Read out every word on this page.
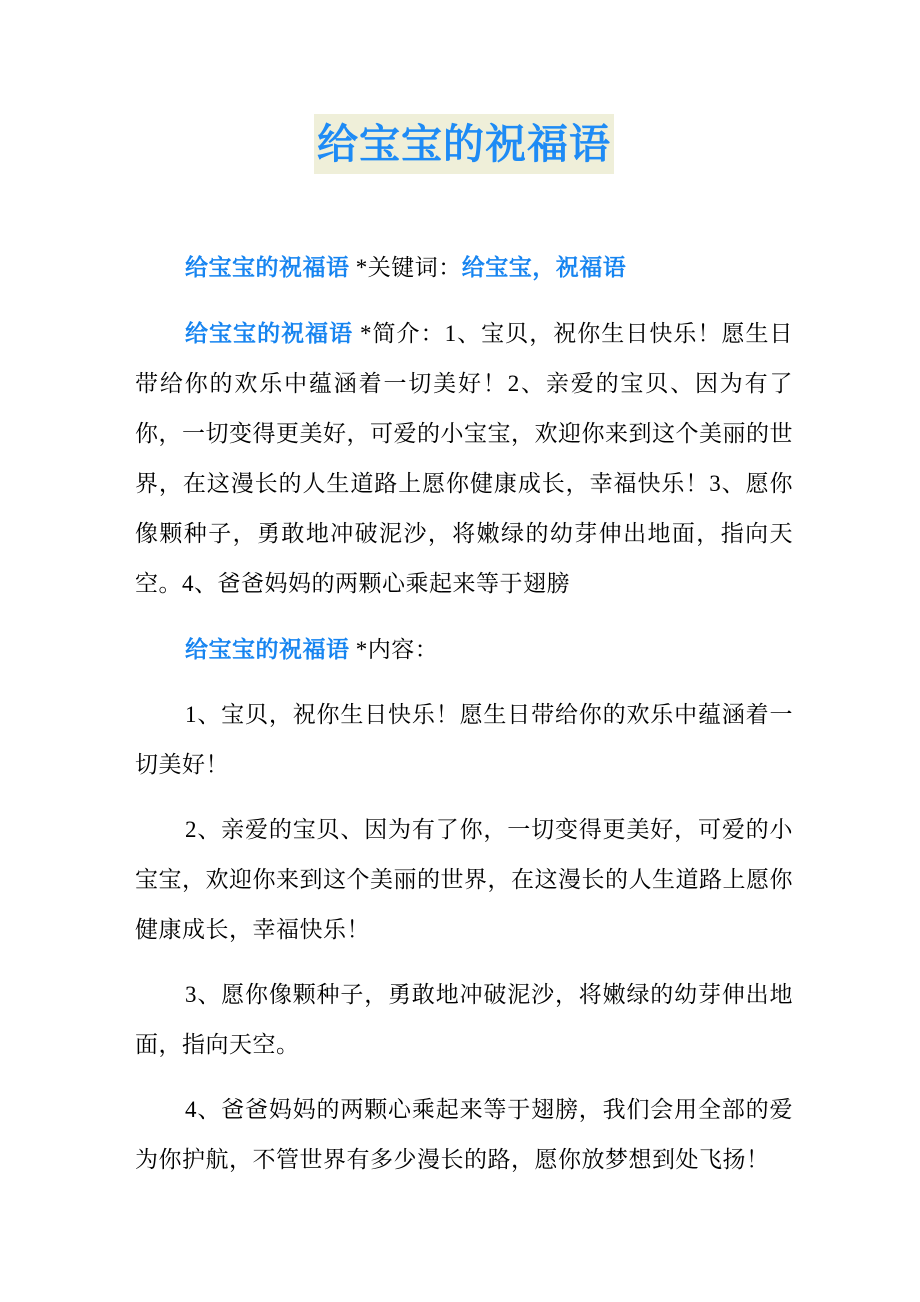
给宝宝的祝福语

给宝宝的祝福语 *关键词：给宝宝，祝福语

给宝宝的祝福语 *简介：1、宝贝，祝你生日快乐！愿生日带给你的欢乐中蕴涵着一切美好！2、亲爱的宝贝、因为有了你，一切变得更美好，可爱的小宝宝，欢迎你来到这个美丽的世界，在这漫长的人生道路上愿你健康成长，幸福快乐！3、愿你像颗种子，勇敢地冲破泥沙，将嫩绿的幼芽伸出地面，指向天空。4、爸爸妈妈的两颗心乘起来等于翅膀

给宝宝的祝福语 *内容：

1、宝贝，祝你生日快乐！愿生日带给你的欢乐中蕴涵着一切美好！

2、亲爱的宝贝、因为有了你，一切变得更美好，可爱的小宝宝，欢迎你来到这个美丽的世界，在这漫长的人生道路上愿你健康成长，幸福快乐！

3、愿你像颗种子，勇敢地冲破泥沙，将嫩绿的幼芽伸出地面，指向天空。

4、爸爸妈妈的两颗心乘起来等于翅膀，我们会用全部的爱为你护航，不管世界有多少漫长的路，愿你放梦想到处飞扬！
